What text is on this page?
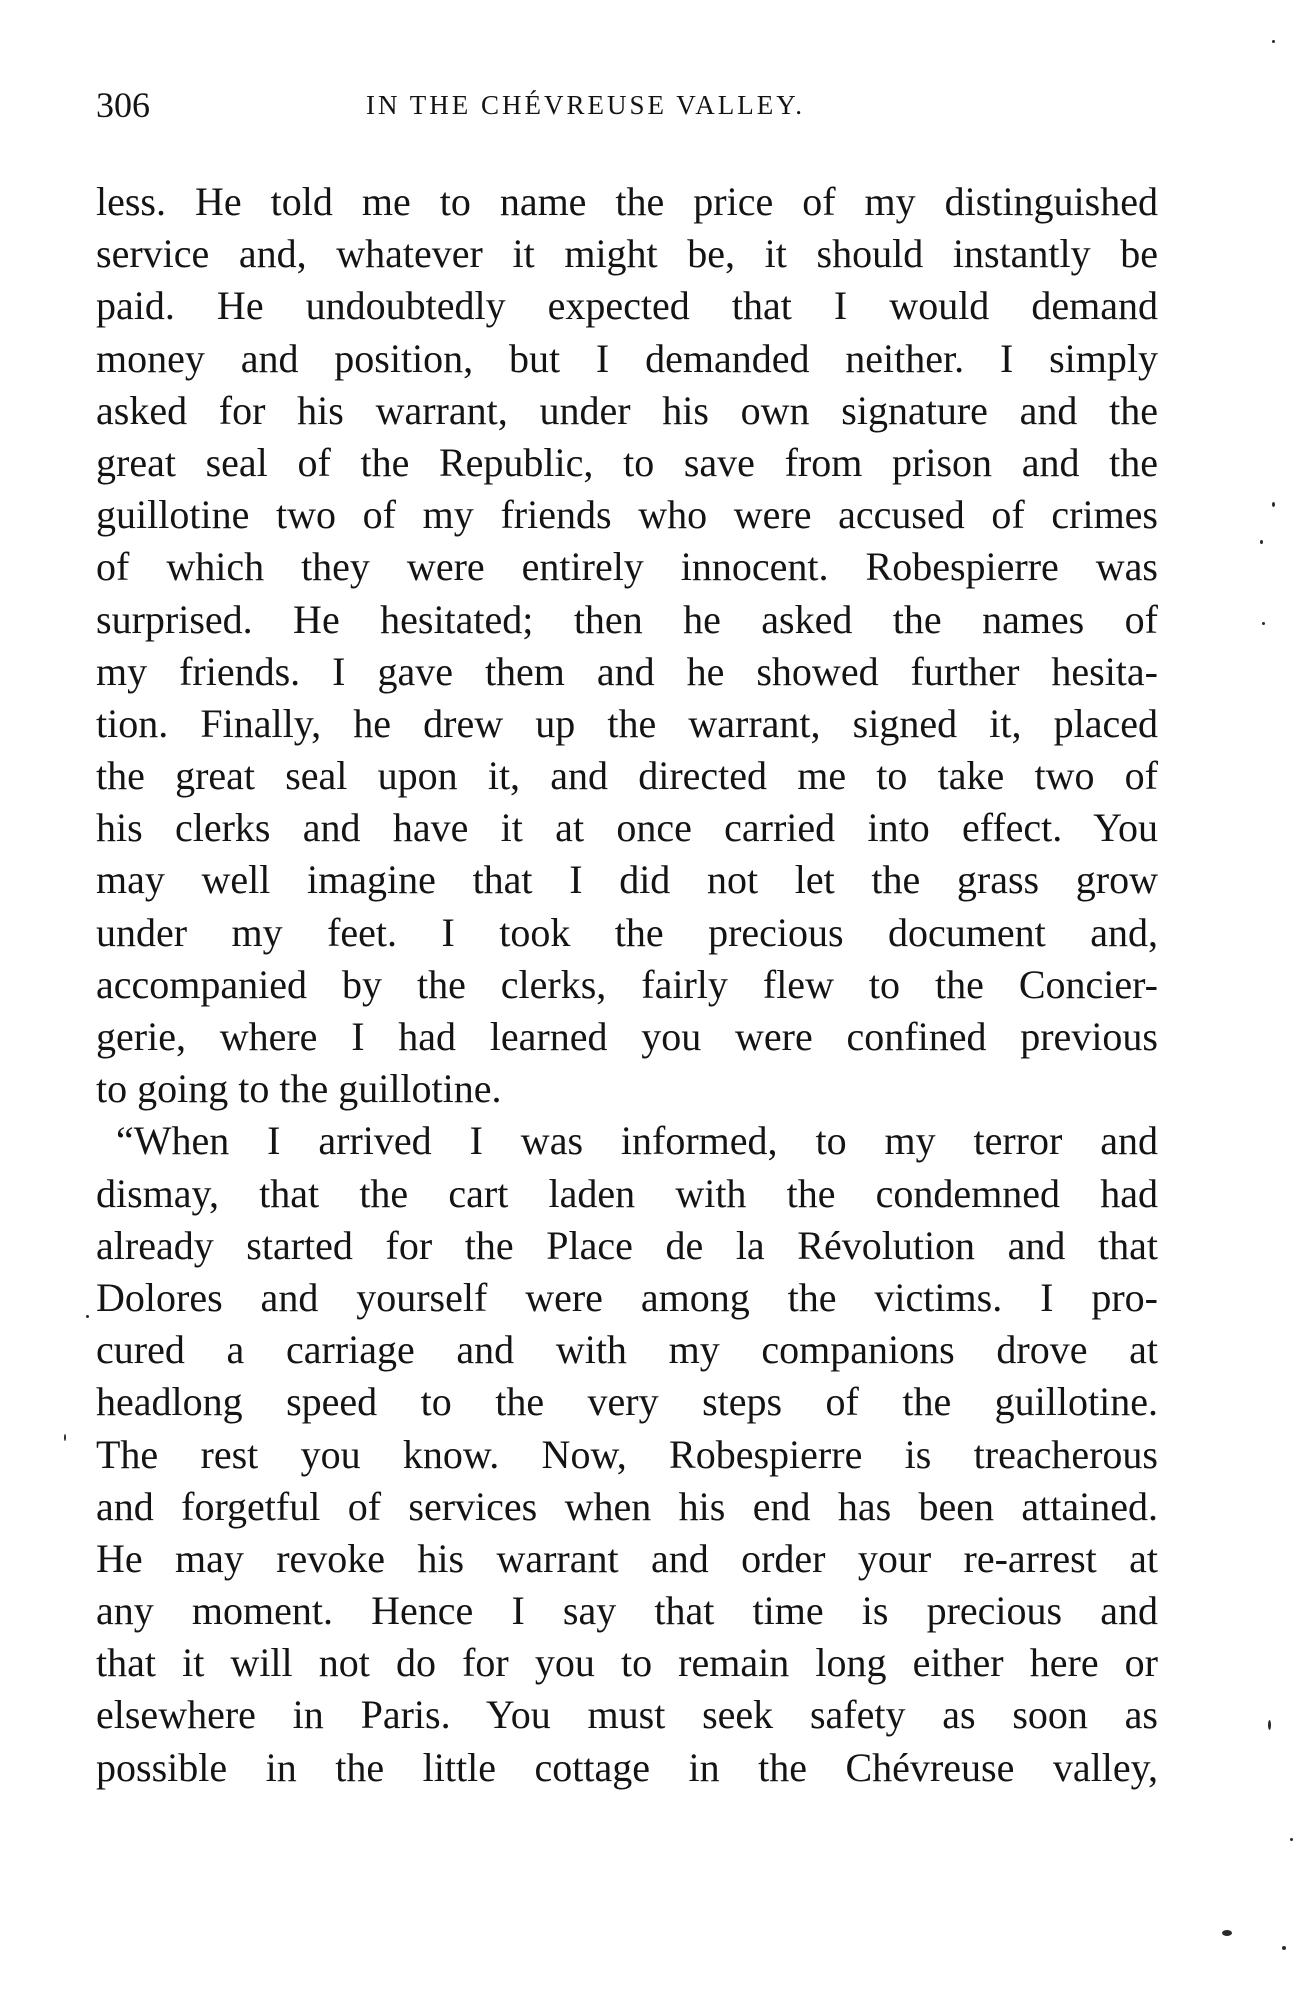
306	IN THE CHÉVREUSE VALLEY.
less. He told me to name the price of my distinguished
service and, whatever it might be, it should instantly be
paid. He undoubtedly expected that I would demand
money and position, but I demanded neither. I simply
asked for his warrant, under his own signature and the
great seal of the Republic, to save from prison and the
guillotine two of my friends who were accused of crimes
of which they were entirely innocent. Robespierre was
surprised. He hesitated; then he asked the names of
my friends. I gave them and he showed further hesita-
tion. Finally, he drew up the warrant, signed it, placed
the great seal upon it, and directed me to take two of
his clerks and have it at once carried into effect. You
may well imagine that I did not let the grass grow
under my feet. I took the precious document and,
accompanied by the clerks, fairly flew to the Concier-
gerie, where I had learned you were confined previous
to going to the guillotine.
“When I arrived I was informed, to my terror and
dismay, that the cart laden with the condemned had
already started for the Place de la Révolution and that
Dolores and yourself were among the victims. I pro-
cured a carriage and with my companions drove at
headlong speed to the very steps of the guillotine.
The rest you know. Now, Robespierre is treacherous
and forgetful of services when his end has been attained.
He may revoke his warrant and order your re-arrest at
any moment. Hence I say that time is precious and
that it will not do for you to remain long either here or
elsewhere in Paris. You must seek safety as soon as
possible in the little cottage in the Chévreuse valley,
